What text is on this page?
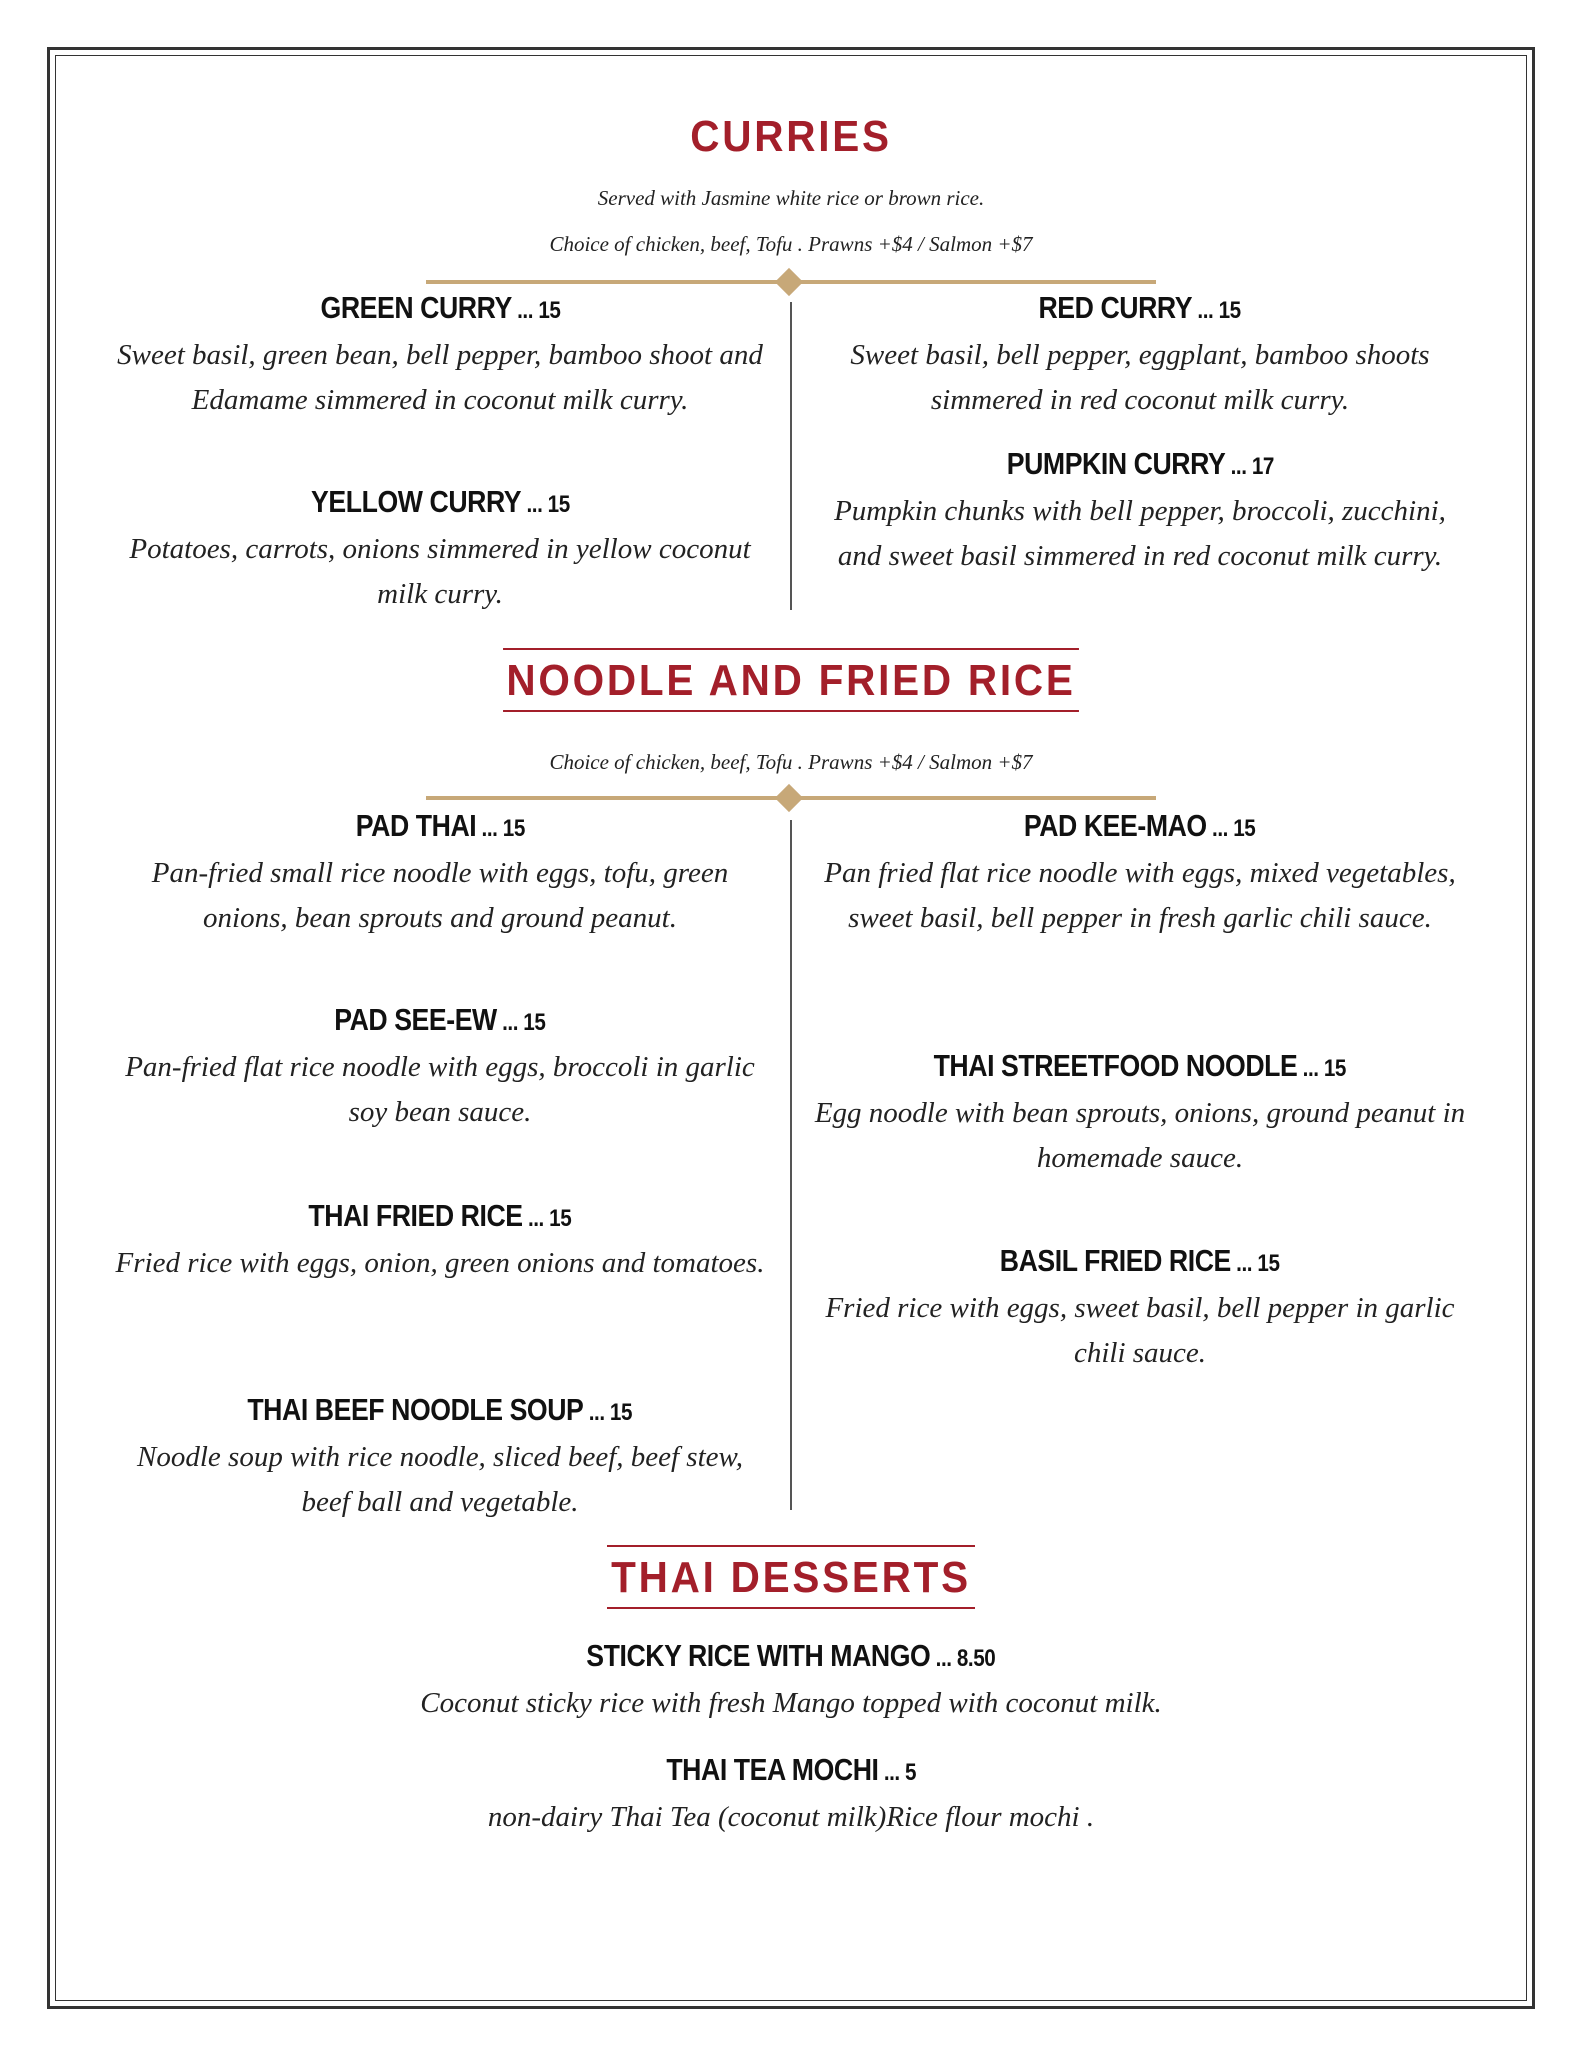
CURRIES
Served with Jasmine white rice or brown rice.
Choice of chicken, beef, Tofu . Prawns +$4 / Salmon +$7
GREEN CURRY ... 15
Sweet basil, green bean, bell pepper, bamboo shoot and Edamame simmered in coconut milk curry.
YELLOW CURRY ... 15
Potatoes, carrots, onions simmered in yellow coconut milk curry.
RED CURRY ... 15
Sweet basil, bell pepper, eggplant, bamboo shoots simmered in red coconut milk curry.
PUMPKIN CURRY ... 17
Pumpkin chunks with bell pepper, broccoli, zucchini, and sweet basil simmered in red coconut milk curry.
NOODLE AND FRIED RICE
Choice of chicken, beef, Tofu . Prawns +$4 / Salmon +$7
PAD THAI ... 15
Pan-fried small rice noodle with eggs, tofu, green onions, bean sprouts and ground peanut.
PAD SEE-EW ... 15
Pan-fried flat rice noodle with eggs, broccoli in garlic soy bean sauce.
THAI FRIED RICE ... 15
Fried rice with eggs, onion, green onions and tomatoes.
THAI BEEF NOODLE SOUP ... 15
Noodle soup with rice noodle, sliced beef, beef stew, beef ball and vegetable.
PAD KEE-MAO ... 15
Pan fried flat rice noodle with eggs, mixed vegetables, sweet basil, bell pepper in fresh garlic chili sauce.
THAI STREETFOOD NOODLE ... 15
Egg noodle with bean sprouts, onions, ground peanut in homemade sauce.
BASIL FRIED RICE ... 15
Fried rice with eggs, sweet basil, bell pepper in garlic chili sauce.
THAI DESSERTS
STICKY RICE WITH MANGO ... 8.50
Coconut sticky rice with fresh Mango topped with coconut milk.
THAI TEA MOCHI ... 5
non-dairy Thai Tea (coconut milk)Rice flour mochi .
